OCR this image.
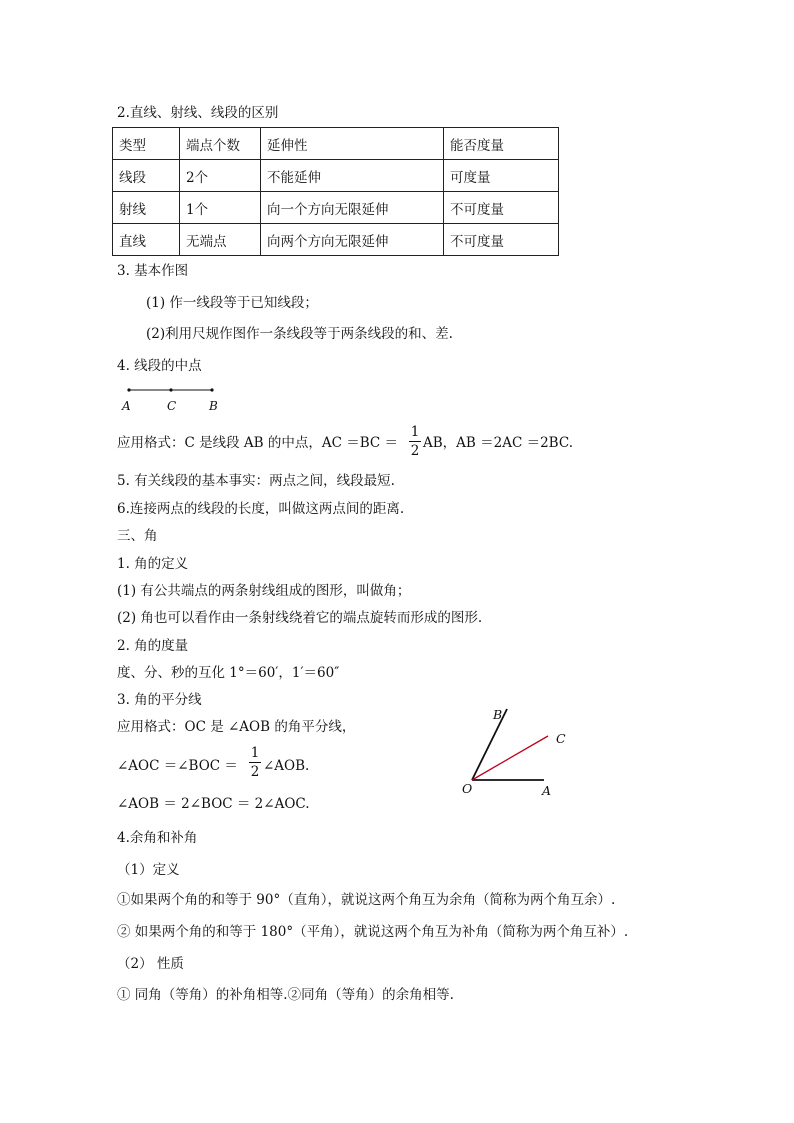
2.直线、射线、线段的区别
类型	端点个数	延伸性	能否度量
线段	2个	不能延伸	可度量
射线	1个	向一个方向无限延伸	不可度量
直线	无端点	向两个方向无限延伸	不可度量
3. 基本作图
(1) 作一线段等于已知线段；
(2)利用尺规作图作一条线段等于两条线段的和、差.
4. 线段的中点
A	C	B
应用格式：C 是线段 AB 的中点，AC ＝BC ＝
1
2 AB，AB ＝2AC ＝2BC.
5. 有关线段的基本事实：两点之间，线段最短.
6.连接两点的线段的长度，叫做这两点间的距离.
三、角
1. 角的定义
(1) 有公共端点的两条射线组成的图形，叫做角；
(2) 角也可以看作由一条射线绕着它的端点旋转而形成的图形.
2. 角的度量
度、分、秒的互化 1°＝60′，1′＝60″
3. 角的平分线
应用格式：OC 是 ∠AOB 的角平分线，
∠AOC ＝∠BOC ＝
1
2 ∠AOB.
∠AOB ＝ 2∠BOC ＝ 2∠AOC.
B
C
O	A
4.余角和补角
（1）定义
①如果两个角的和等于 90°（直角），就说这两个角互为余角（简称为两个角互余）.
② 如果两个角的和等于 180°（平角），就说这两个角互为补角（简称为两个角互补）.
（2） 性质
① 同角（等角）的补角相等.②同角（等角）的余角相等.
